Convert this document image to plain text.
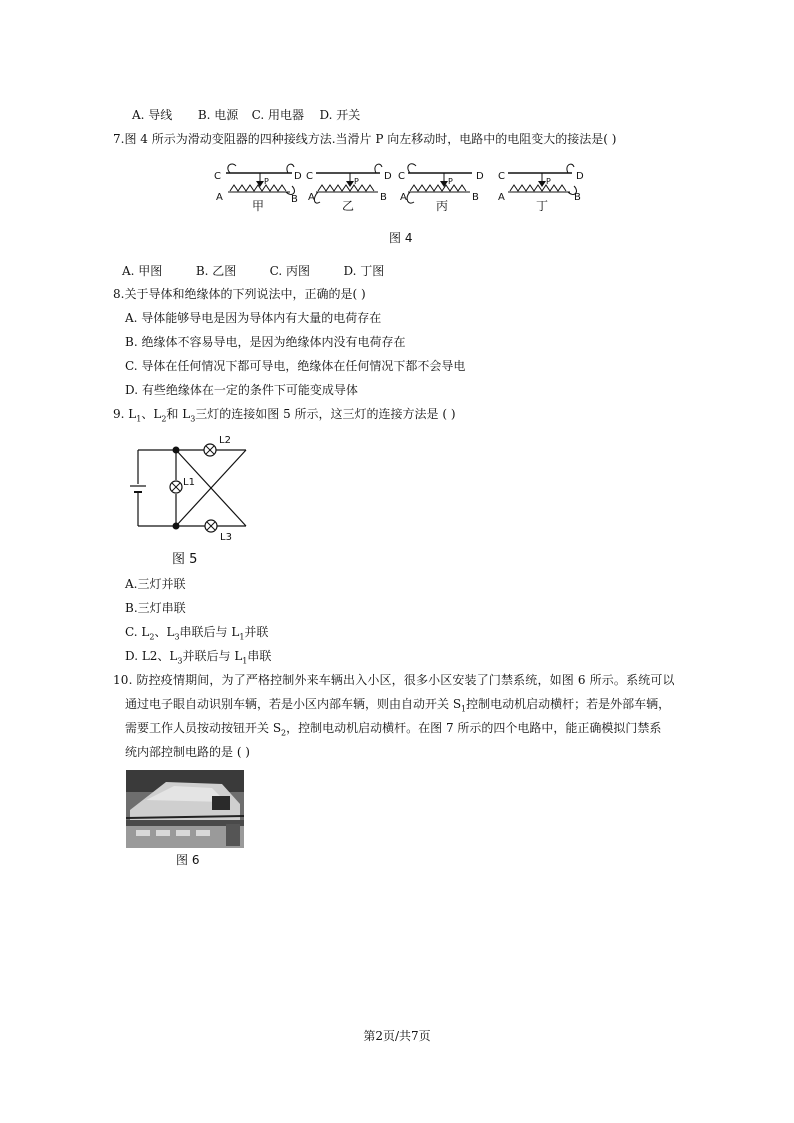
A. 导线 B. 电源 C. 用电器 D. 开关
7.图 4 所示为滑动变阻器的四种接线方法.当滑片 P 向左移动时，电路中的电阻变大的接法是( )
C	D
A	B
P
甲
C	D
A	B
P
乙
C	D
A	B
P
丙
C	D
A	B
P
丁
图 4
A. 甲图	B. 乙图	C. 丙图	D. 丁图
8.关于导体和绝缘体的下列说法中，正确的是( )
A. 导体能够导电是因为导体内有大量的电荷存在
B. 绝缘体不容易导电，是因为绝缘体内没有电荷存在
C. 导体在任何情况下都可导电，绝缘体在任何情况下都不会导电
D. 有些绝缘体在一定的条件下可能变成导体
9. $L_1$、$L_2$和 $L_3$三灯的连接如图 5 所示，这三灯的连接方法是 ( )
L2
L1
L3
图 5
A.三灯并联
B.三灯串联
C. $L_2$、$L_3$串联后与 $L_1$并联
D. L2、$L_3$并联后与 $L_1$串联
10. 防控疫情期间，为了严格控制外来车辆出入小区，很多小区安装了门禁系统，如图 6 所示。系统可以
通过电子眼自动识别车辆，若是小区内部车辆，则由自动开关 $S_1$控制电动机启动横杆；若是外部车辆，
需要工作人员按动按钮开关 $S_2$，控制电动机启动横杆。在图 7 所示的四个电路中，能正确模拟门禁系
统内部控制电路的是 ( )
图 6
第2页/共7页
